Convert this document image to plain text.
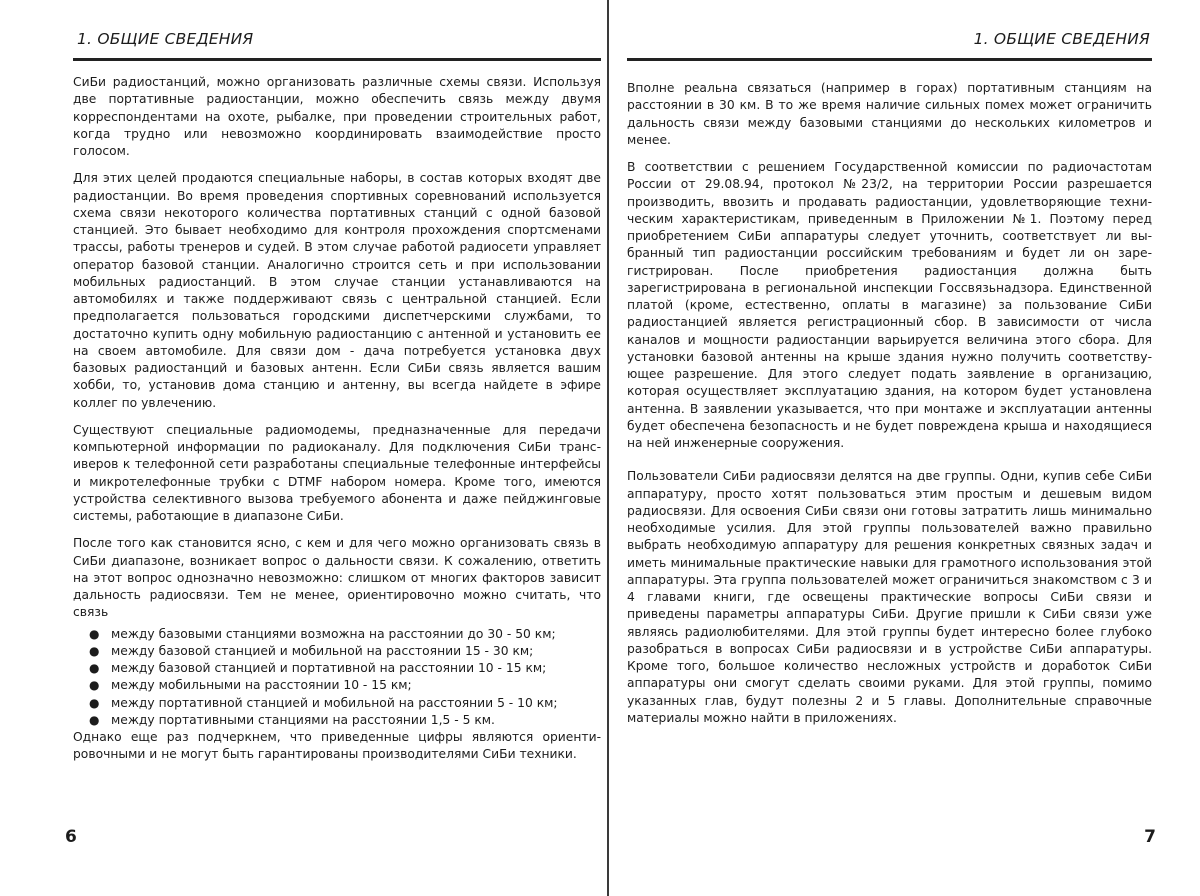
1. ОБЩИЕ СВЕДЕНИЯ

СиБи радиостанций, можно организовать различные схемы связи. Используя две портативные радиостанции, можно обеспечить связь между двумя корреспондентами на охоте, рыбалке, при проведении строительных работ, когда трудно или невозможно координировать взаимодействие просто голосом.

Для этих целей продаются специальные наборы, в состав которых входят две радиостанции. Во время проведения спортивных соревнований используется схема связи некоторого количества портативных станций с одной базовой станцией. Это бывает необходимо для контроля прохождения спортсменами трассы, работы тренеров и судей. В этом случае работой радиосети управляет оператор базовой станции. Аналогично строится сеть и при использовании мобильных радиостанций. В этом случае станции устанавливаются на автомобилях и также поддерживают связь с центральной станцией. Если предполагается пользоваться городскими диспетчерскими службами, то достаточно купить одну мобильную радиостанцию с антенной и установить ее на своем автомобиле. Для связи дом - дача потребуется установка двух базовых радиостанций и базовых антенн. Если СиБи связь является вашим хобби, то, установив дома станцию и антенну, вы всегда найдете в эфире коллег по увлечению.

Существуют специальные радиомодемы, предназначенные для передачи компьютерной информации по радиоканалу. Для подключения СиБи трансиверов к телефонной сети разработаны специальные телефонные интерфейсы и микротелефонные трубки с DTMF набором номера. Кроме того, имеются устройства селективного вызова требуемого абонента и даже пейджинговые системы, работающие в диапазоне СиБи.

После того как становится ясно, с кем и для чего можно организовать связь в СиБи диапазоне, возникает вопрос о дальности связи. К сожалению, ответить на этот вопрос однозначно невозможно: слишком от многих факторов зависит дальность радиосвязи. Тем не менее, ориентировочно можно считать, что связь

● между базовыми станциями возможна на расстоянии до 30 - 50 км;
● между базовой станцией и мобильной на расстоянии 15 - 30 км;
● между базовой станцией и портативной на расстоянии 10 - 15 км;
● между мобильными на расстоянии 10 - 15 км;
● между портативной станцией и мобильной на расстоянии 5 - 10 км;
● между портативными станциями на расстоянии 1,5 - 5 км.

Однако еще раз подчеркнем, что приведенные цифры являются ориентировочными и не могут быть гарантированы производителями СиБи техники.

6
1. ОБЩИЕ СВЕДЕНИЯ

Вполне реальна связаться (например в горах) портативным станциям на расстоянии в 30 км. В то же время наличие сильных помех может ограничить дальность связи между базовыми станциями до нескольких километров и менее.

В соответствии с решением Государственной комиссии по радиочастотам России от 29.08.94, протокол №23/2, на территории России разрешается производить, ввозить и продавать радиостанции, удовлетворяющие техническим характеристикам, приведенным в Приложении №1. Поэтому перед приобретением СиБи аппаратуры следует уточнить, соответствует ли выбранный тип радиостанции российским требованиям и будет ли он зарегистрирован. После приобретения радиостанция должна быть зарегистрирована в региональной инспекции Госсвязьнадзора. Единственной платой (кроме, естественно, оплаты в магазине) за пользование СиБи радиостанцией является регистрационный сбор. В зависимости от числа каналов и мощности радиостанции варьируется величина этого сбора. Для установки базовой антенны на крыше здания нужно получить соответствующее разрешение. Для этого следует подать заявление в организацию, которая осуществляет эксплуатацию здания, на котором будет установлена антенна. В заявлении указывается, что при монтаже и эксплуатации антенны будет обеспечена безопасность и не будет повреждена крыша и находящиеся на ней инженерные сооружения.

Пользователи СиБи радиосвязи делятся на две группы. Одни, купив себе СиБи аппаратуру, просто хотят пользоваться этим простым и дешевым видом радиосвязи. Для освоения СиБи связи они готовы затратить лишь минимально необходимые усилия. Для этой группы пользователей важно правильно выбрать необходимую аппаратуру для решения конкретных связных задач и иметь минимальные практические навыки для грамотного использования этой аппаратуры. Эта группа пользователей может ограничиться знакомством с 3 и 4 главами книги, где освещены практические вопросы СиБи связи и приведены параметры аппаратуры СиБи. Другие пришли к СиБи связи уже являясь радиолюбителями. Для этой группы будет интересно более глубоко разобраться в вопросах СиБи радиосвязи и в устройстве СиБи аппаратуры. Кроме того, большое количество несложных устройств и доработок СиБи аппаратуры они смогут сделать своими руками. Для этой группы, помимо указанных глав, будут полезны 2 и 5 главы. Дополнительные справочные материалы можно найти в приложениях.

7
